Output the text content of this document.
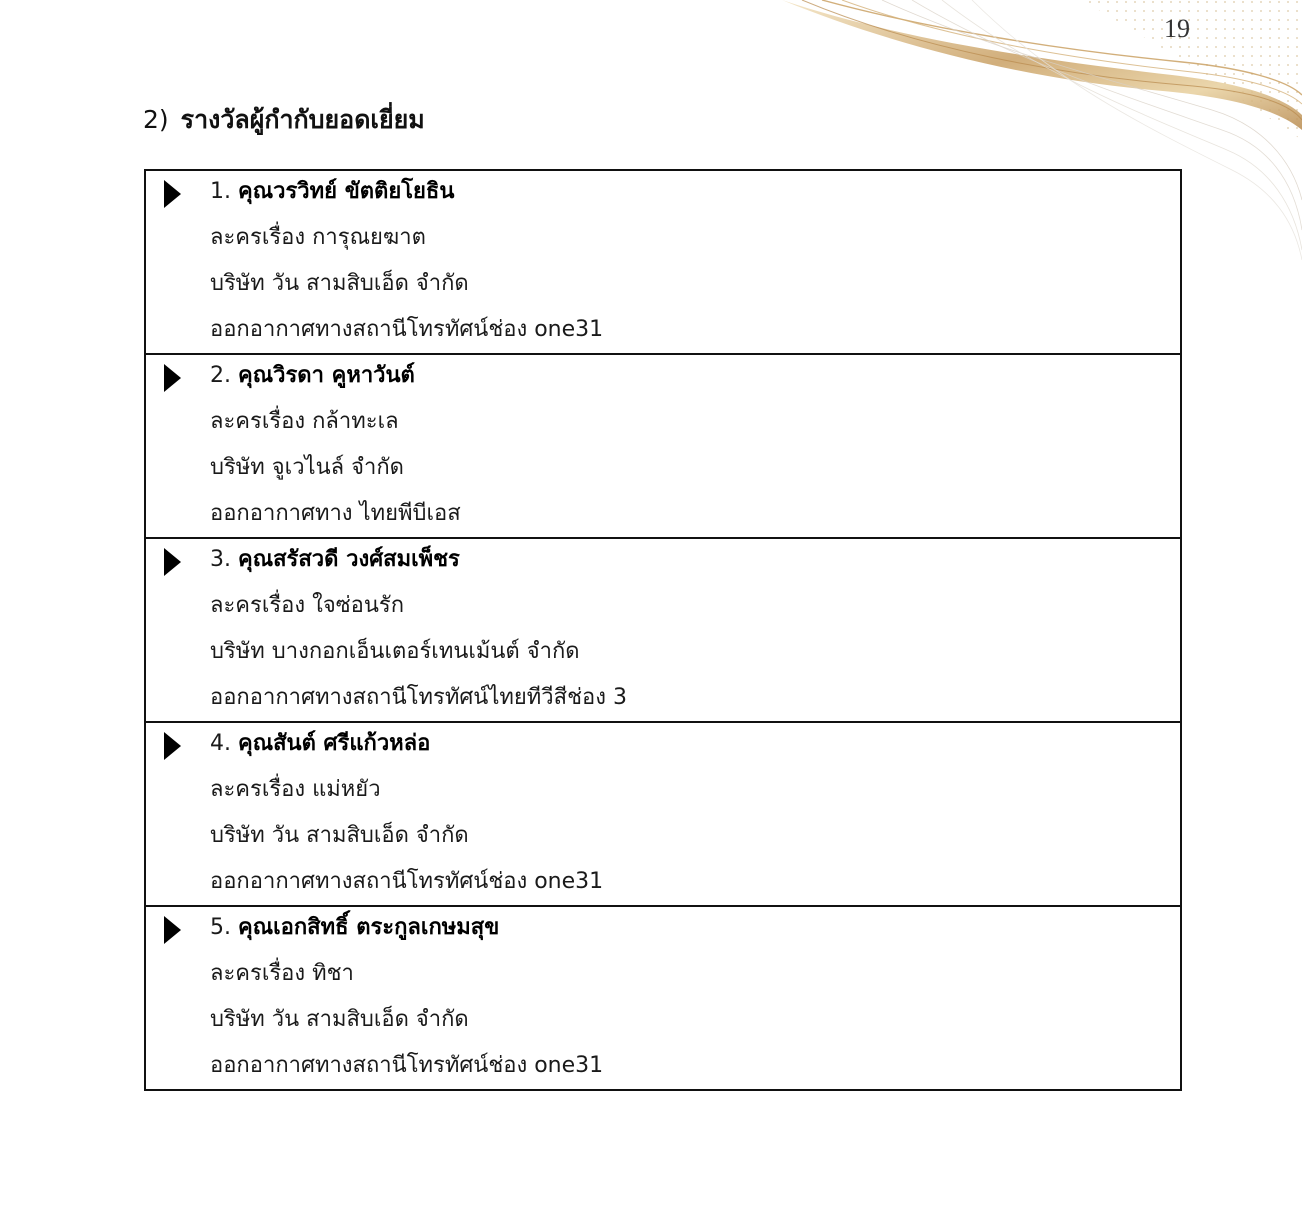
19
2) รางวัลผู้กำกับยอดเยี่ยม
1. คุณวรวิทย์ ขัตติยโยธิน
ละครเรื่อง การุณยฆาต
บริษัท วัน สามสิบเอ็ด จำกัด
ออกอากาศทางสถานีโทรทัศน์ช่อง one31
2. คุณวิรดา คูหาวันต์
ละครเรื่อง กล้าทะเล
บริษัท จูเวไนล์ จำกัด
ออกอากาศทาง ไทยพีบีเอส
3. คุณสรัสวดี วงศ์สมเพ็ชร
ละครเรื่อง ใจซ่อนรัก
บริษัท บางกอกเอ็นเตอร์เทนเม้นต์ จำกัด
ออกอากาศทางสถานีโทรทัศน์ไทยทีวีสีช่อง 3
4. คุณสันต์ ศรีแก้วหล่อ
ละครเรื่อง แม่หยัว
บริษัท วัน สามสิบเอ็ด จำกัด
ออกอากาศทางสถานีโทรทัศน์ช่อง one31
5. คุณเอกสิทธิ์ ตระกูลเกษมสุข
ละครเรื่อง ทิชา
บริษัท วัน สามสิบเอ็ด จำกัด
ออกอากาศทางสถานีโทรทัศน์ช่อง one31
